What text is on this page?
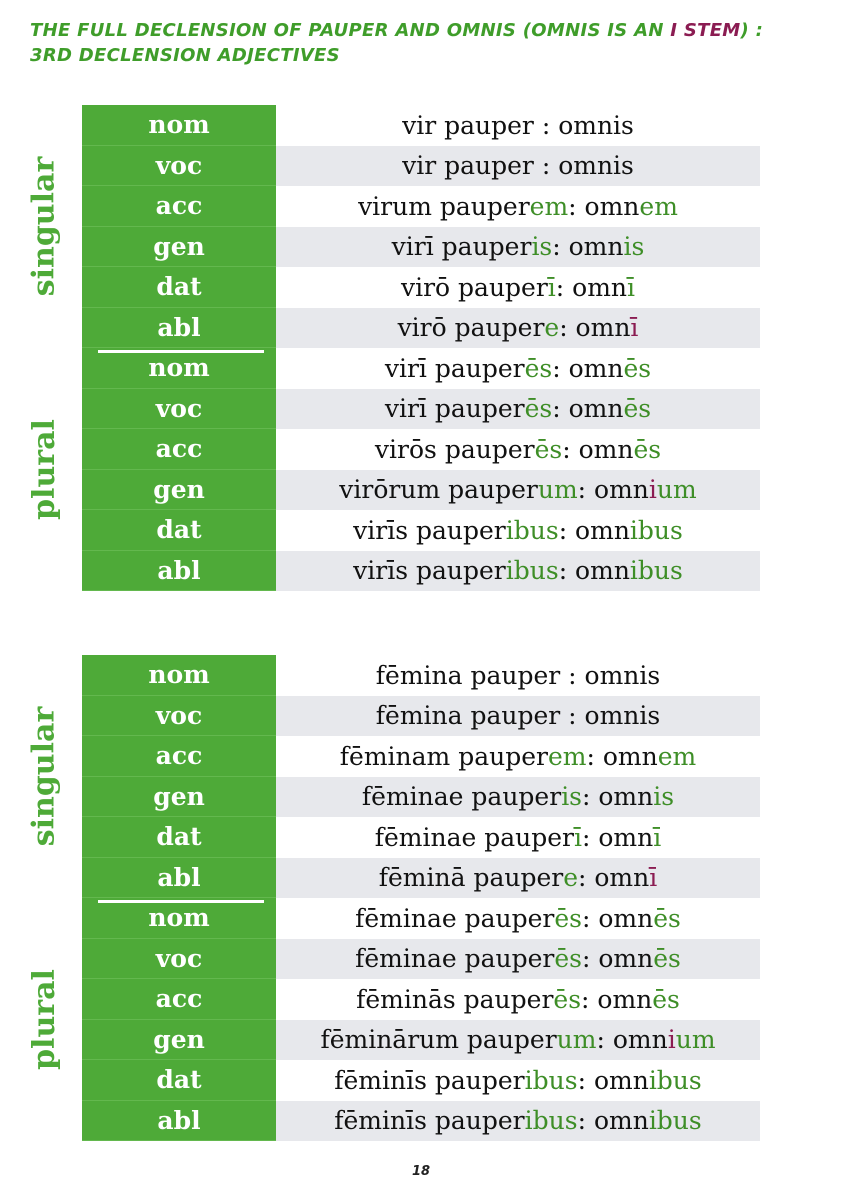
THE FULL DECLENSION OF PAUPER AND OMNIS (OMNIS IS AN I STEM) :
3RD DECLENSION ADJECTIVES
nom	vir pauper : omnis
voc	vir pauper : omnis
acc	virum pauper em : omn em
gen	virī pauper is : omn is
dat	virō pauper ī : omn ī
abl	virō pauper e : omn ī
nom	virī pauper ēs : omn ēs
voc	virī pauper ēs : omn ēs
acc	virōs pauper ēs : omn ēs
gen	virōrum pauper um : omn i um
dat	virīs pauper ibus : omn ibus
abl	virīs pauper ibus : omn ibus
singular
plural
nom	fēmina pauper : omnis
voc	fēmina pauper : omnis
acc	fēminam pauper em : omn em
gen	fēminae pauper is : omn is
dat	fēminae pauper ī : omn ī
abl	fēminā pauper e : omn ī
nom	fēminae pauper ēs : omn ēs
voc	fēminae pauper ēs : omn ēs
acc	fēminās pauper ēs : omn ēs
gen	fēminārum pauper um : omn i um
dat	fēminīs pauper ibus : omn ibus
abl	fēminīs pauper ibus : omn ibus
singular
plural
18
